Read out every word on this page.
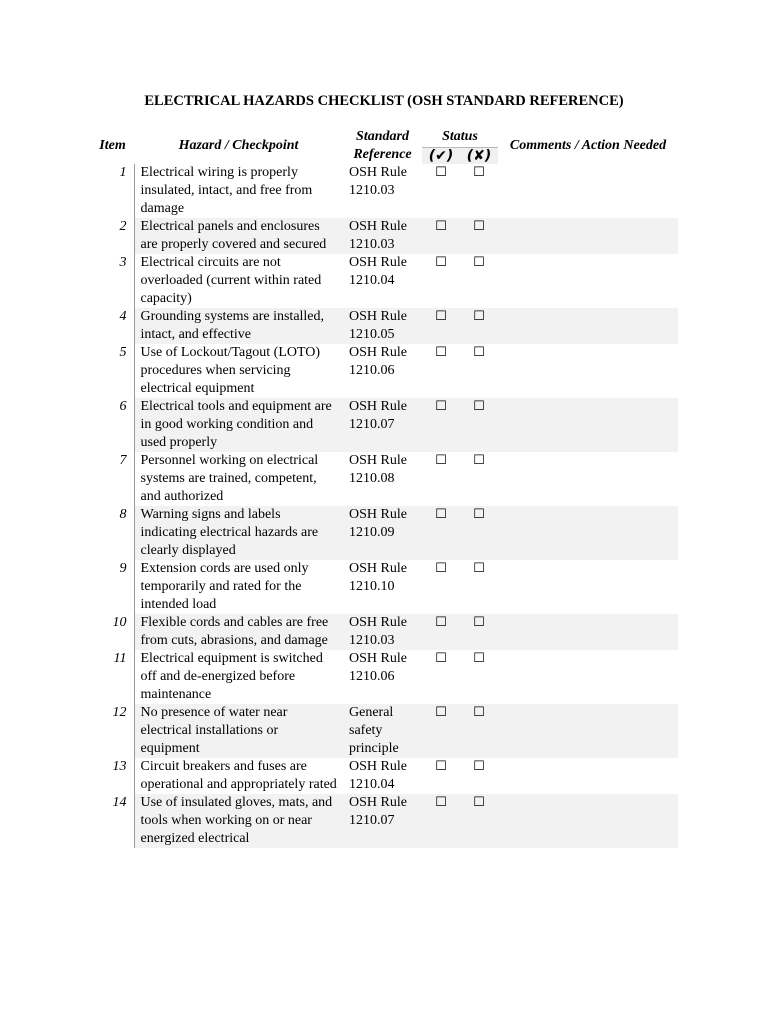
ELECTRICAL HAZARDS CHECKLIST (OSH STANDARD REFERENCE)
Item	Hazard / Checkpoint	Standard Reference	Status		Comments / Action Needed
			(✔)	(✘)	
1	Electrical wiring is properly insulated, intact, and free from damage	OSH Rule 1210.03	☐	☐	
2	Electrical panels and enclosures are properly covered and secured	OSH Rule 1210.03	☐	☐	
3	Electrical circuits are not overloaded (current within rated capacity)	OSH Rule 1210.04	☐	☐	
4	Grounding systems are installed, intact, and effective	OSH Rule 1210.05	☐	☐	
5	Use of Lockout/Tagout (LOTO) procedures when servicing electrical equipment	OSH Rule 1210.06	☐	☐	
6	Electrical tools and equipment are in good working condition and used properly	OSH Rule 1210.07	☐	☐	
7	Personnel working on electrical systems are trained, competent, and authorized	OSH Rule 1210.08	☐	☐	
8	Warning signs and labels indicating electrical hazards are clearly displayed	OSH Rule 1210.09	☐	☐	
9	Extension cords are used only temporarily and rated for the intended load	OSH Rule 1210.10	☐	☐	
10	Flexible cords and cables are free from cuts, abrasions, and damage	OSH Rule 1210.03	☐	☐	
11	Electrical equipment is switched off and de-energized before maintenance	OSH Rule 1210.06	☐	☐	
12	No presence of water near electrical installations or equipment	General safety principle	☐	☐	
13	Circuit breakers and fuses are operational and appropriately rated	OSH Rule 1210.04	☐	☐	
14	Use of insulated gloves, mats, and tools when working on or near energized electrical	OSH Rule 1210.07	☐	☐	
